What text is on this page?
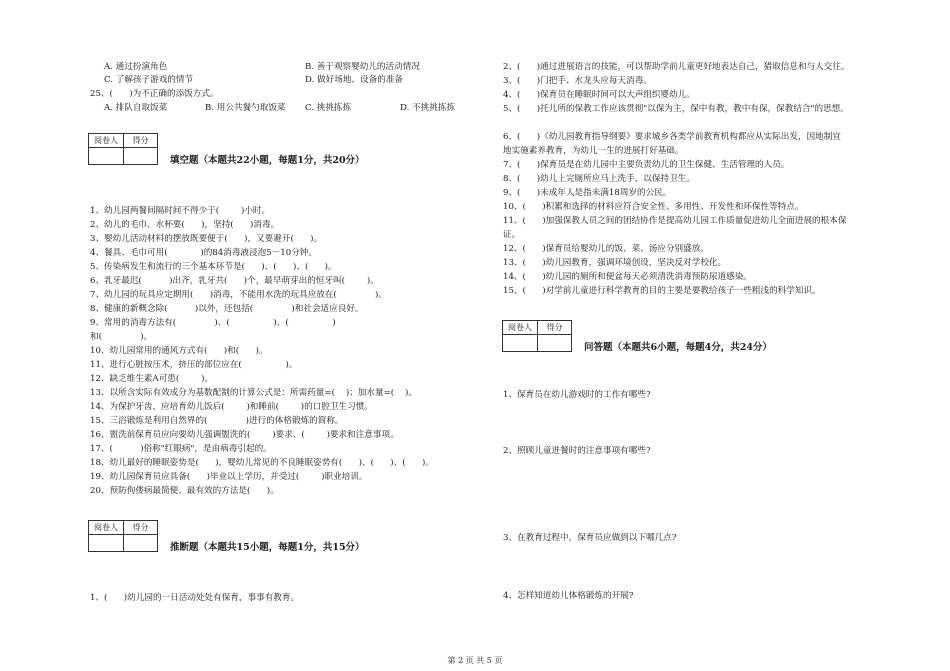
A. 通过扮演角色	B. 善于观察婴幼儿的活动情况
C. 了解孩子游戏的情节	D. 做好场地、设备的准备
25、(      )为不正确的添饭方式。
A. 排队自取饭菜	B. 用公共餐勺取饭菜 C. 挑挑拣拣	D. 不挑挑拣拣
阅卷人	得分
填空题（本题共22小题，每题1分，共20分）
1、幼儿园两餐间隔时间不得少于(        )小时。
2、幼儿的毛巾、水杯要(      )，坚持(      )消毒。
3、婴幼儿活动材料的摆放既要便于(      )，又要避开(      )。
4、餐具、毛巾可用(            )的84消毒液浸泡5－10分钟。
5、传染病发生和流行的三个基本环节是(      )、(      )、(      )。
6、乳牙最迟(          )出齐，乳牙共(      )个，最早萌芽出的恒牙叫(        )。
7、幼儿园的玩具应定期用(      )消毒，不能用水洗的玩具应放在(              )。
8、健康的新概念除(          )以外，还包括(              )和社会适应良好。
9、常用的消毒方法有(              )、(                )、(                )
和(              )。
10、幼儿园常用的通风方式有(      )和(      )。
11、进行心脏按压术，挤压的部位应在(                )。
12、缺乏维生素A可患(        )。
13、以所含实际有效成分为基数配制的计算公式是：所需药量=(    )；加水量=(    )。
14、为保护牙齿，应培育幼儿饭后(        )和睡前(        )的口腔卫生习惯。
15、三浴锻炼是利用自然界的(              )进行的体格锻炼的简称。
16、盥洗前保育员应向要幼儿强调盥洗的(        )要求、(        )要求和注意事项。
17、(          )俗称"红眼病"，是由病毒引起的。
18、幼儿最好的睡眠姿势是(      )，婴幼儿常见的不良睡眠姿势有(      )、(      )、(      )。
19、幼儿园保育员应具备(      )毕业以上学历，并受过(        )职业培训。
20、预防佝偻病最简便、最有效的方法是(      )。
阅卷人	得分
推断题（本题共15小题，每题1分，共15分）
1、(      )幼儿园的一日活动处处有保育，事事有教育。
2、(      )通过进展语言的技能，可以帮助学前儿童更好地表达自己，猎取信息和与人交往。
3、(      )门把手、水龙头应每天消毒。
4、(      )保育员在睡眠时间可以大声组织婴幼儿。
5、(      )托儿所的保教工作应该贯彻"以保为主，保中有教，教中有保，保教结合"的思想。
6、(      )《幼儿园教育指导纲要》要求城乡各类学前教育机构都应从实际出发，因地制宜
地实施素养教育，为幼儿一生的进展打好基础。
7、(      )保育员是在幼儿园中主要负责幼儿的卫生保健、生活管理的人员。
8、(      )幼儿上完厕所应马上洗手，以保持卫生。
9、(      )未成年人是指未满18周岁的公民。
10、(      )积累和选择的材料应符合安全性、多用性、开发性和环保性等特点。
11、(      )加强保教人员之间的团结协作是提高幼儿园工作质量促进幼儿全面进展的根本保
证。
12、(      )保育员给婴幼儿的饭、菜、汤应分别盛放。
13、(      )幼儿园教育，强调环境创设，坚决反对学校化。
14、(      )幼儿园的厕所和便盆每天必须清洗消毒预防尿道感染。
15、(      )对学前儿童进行科学教育的目的主要是要教给孩子一些粗浅的科学知识。
阅卷人	得分
问答题（本题共6小题，每题4分，共24分）
1、保育员在幼儿游戏时的工作有哪些?
2、照顾儿童进餐时的注意事项有哪些?
3、在教育过程中，保育员应做到以下哪几点?
4、怎样知道幼儿体格锻炼的开展?
第 2 页 共 5 页
